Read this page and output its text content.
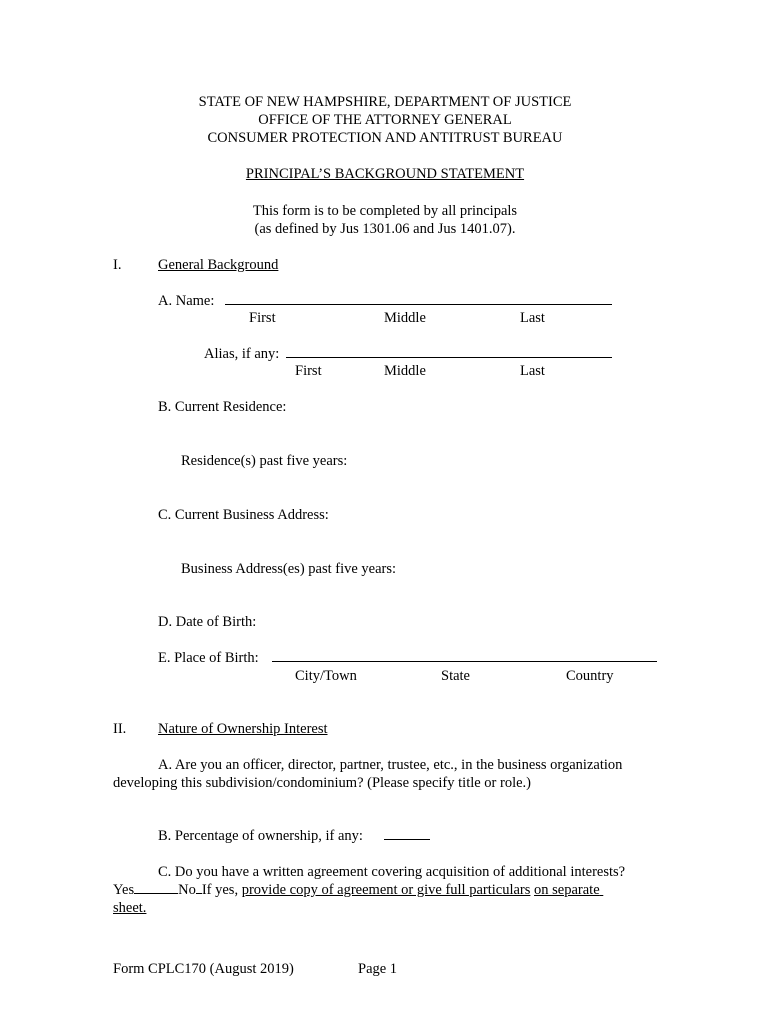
STATE OF NEW HAMPSHIRE, DEPARTMENT OF JUSTICE
OFFICE OF THE ATTORNEY GENERAL
CONSUMER PROTECTION AND ANTITRUST BUREAU
PRINCIPAL’S BACKGROUND STATEMENT
This form is to be completed by all principals
(as defined by Jus 1301.06 and Jus 1401.07).
I.	General Background
A. Name:
First	Middle	Last
Alias, if any:
First	Middle	Last
B. Current Residence:
Residence(s) past five years:
C. Current Business Address:
Business Address(es) past five years:
D. Date of Birth:
E. Place of Birth:
City/Town	State	Country
II. Nature of Ownership Interest
A. Are you an officer, director, partner, trustee, etc., in the business organization
developing this subdivision/condominium? (Please specify title or role.)
B. Percentage of ownership, if any:
C. Do you have a written agreement covering acquisition of additional interests?
Yes	No If yes, provide copy of agreement or give full particulars on separate
sheet.
Form CPLC170 (August 2019)	Page 1
